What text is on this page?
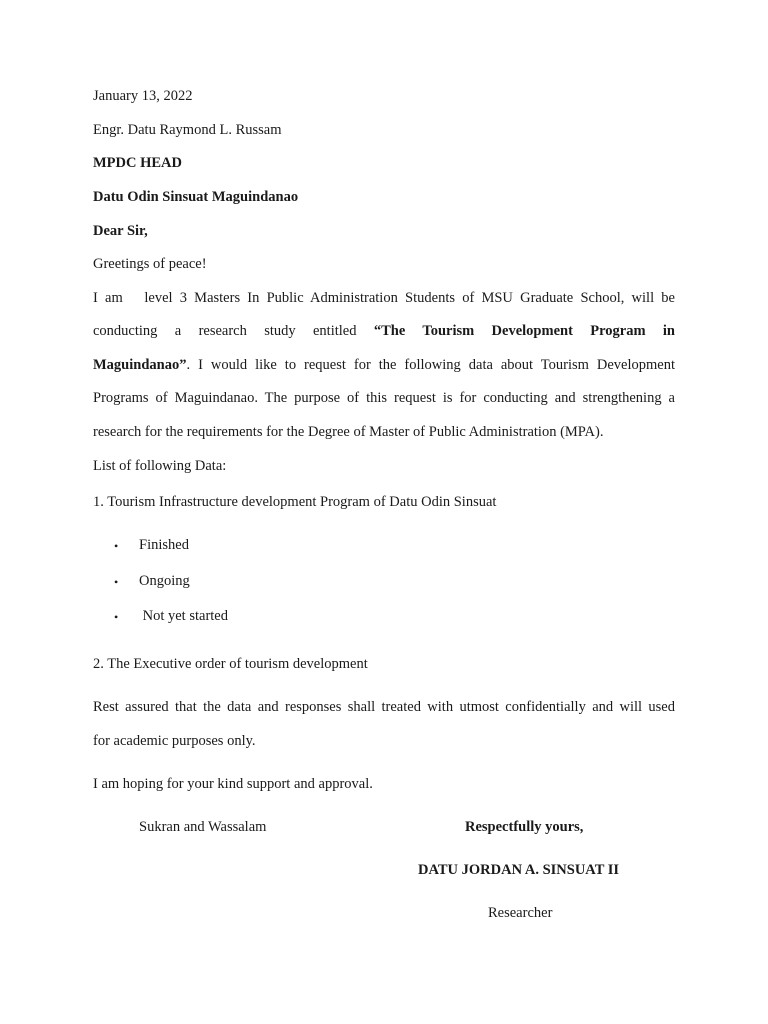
January 13, 2022
Engr. Datu Raymond L. Russam
MPDC HEAD
Datu Odin Sinsuat Maguindanao
Dear Sir,
Greetings of peace!
I am   level 3 Masters In Public Administration Students of MSU Graduate School, will be
conducting a research study entitled “The Tourism Development Program in
Maguindanao”. I would like to request for the following data about Tourism Development
Programs of Maguindanao. The purpose of this request is for conducting and strengthening a
research for the requirements for the Degree of Master of Public Administration (MPA).
List of following Data:
1. Tourism Infrastructure development Program of Datu Odin Sinsuat
• Finished
• Ongoing
• Not yet started
2. The Executive order of tourism development
Rest assured that the data and responses shall treated with utmost confidentially and will used
for academic purposes only.
I am hoping for your kind support and approval.
Sukran and Wassalam	Respectfully yours,
DATU JORDAN A. SINSUAT II
Researcher
